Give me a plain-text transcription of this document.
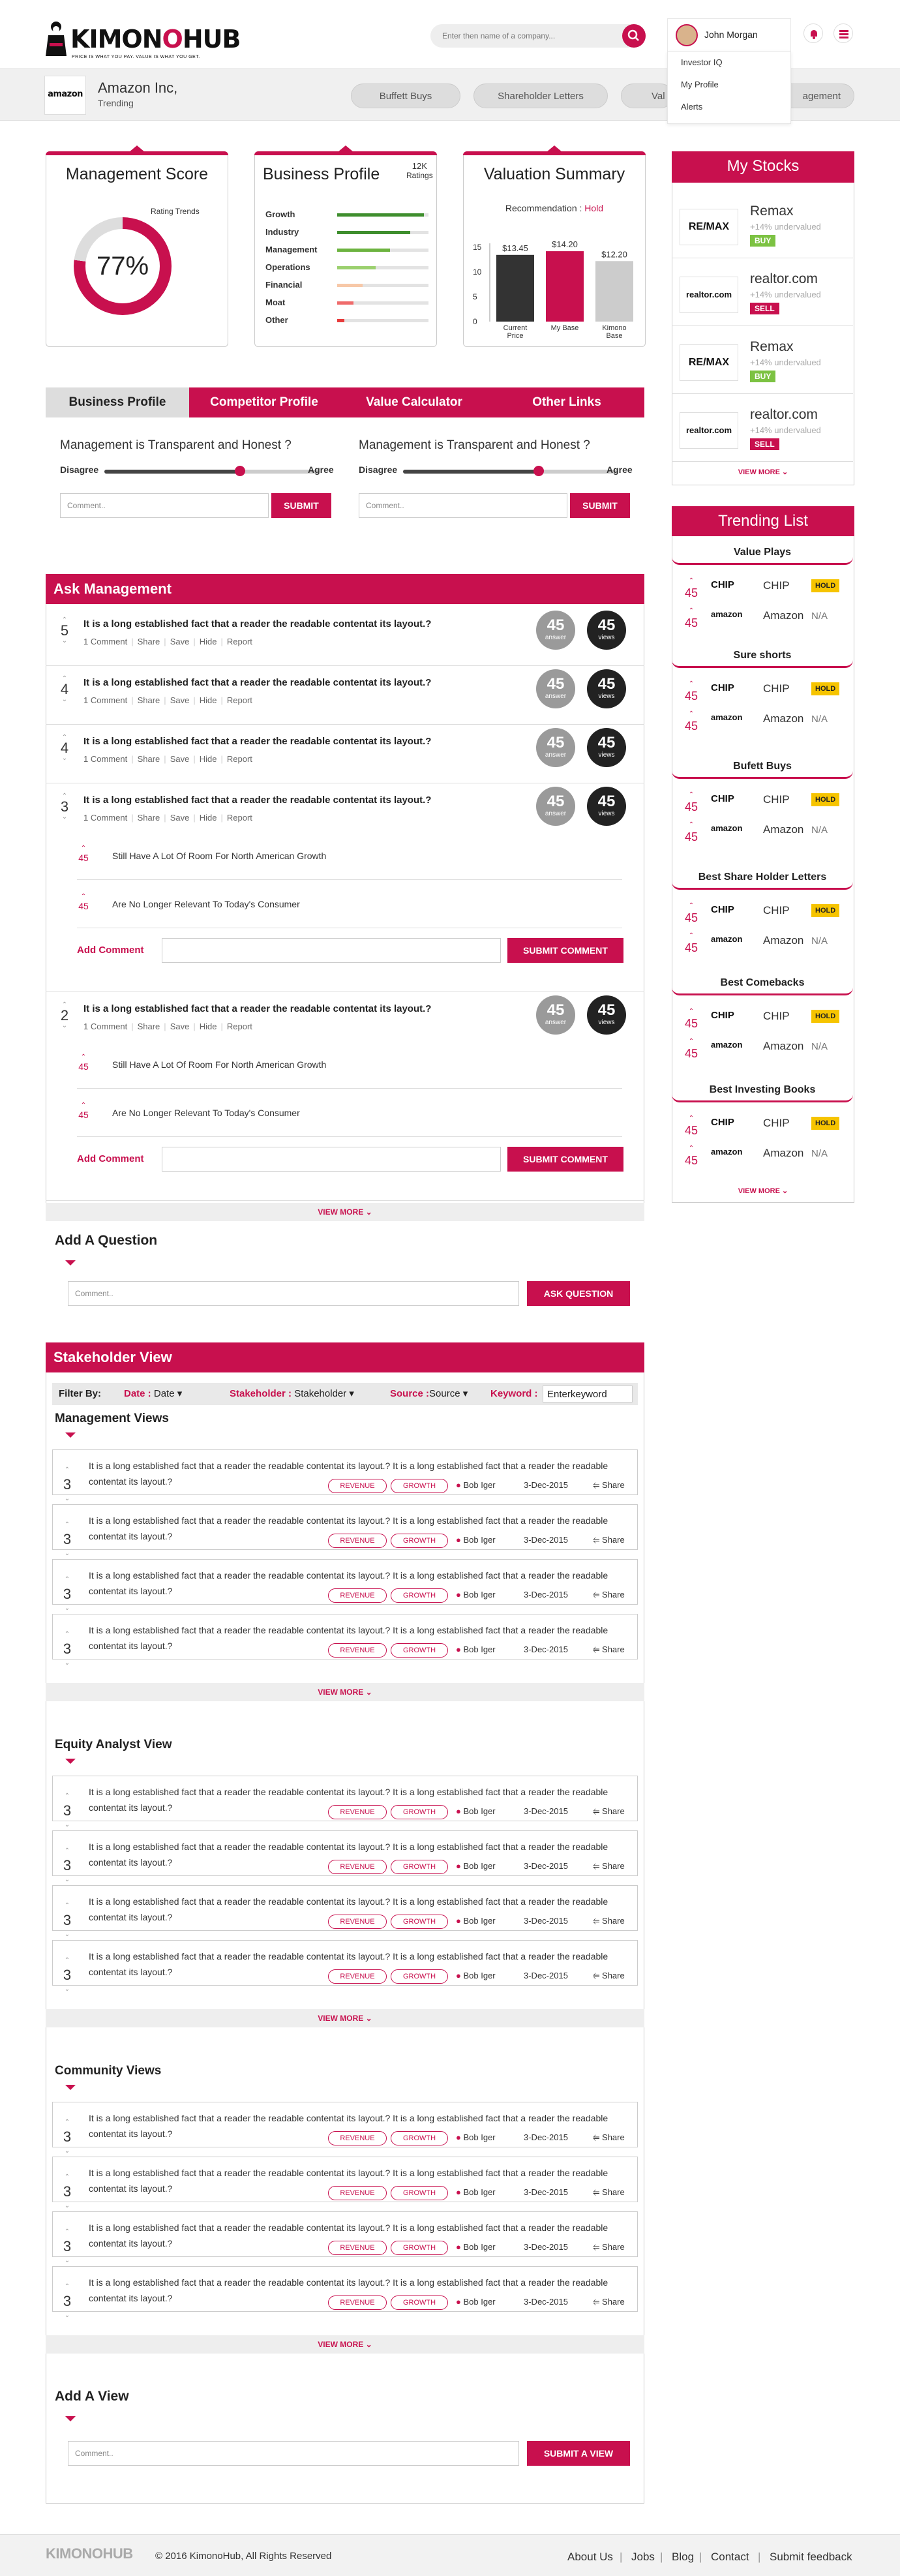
KIMONOHUB
PRICE IS WHAT YOU PAY. VALUE IS WHAT YOU GET.
Enter then name of a company...
John Morgan
Investor IQ
My Profile
Alerts
amazon Amazon Inc,
Trending
Buffett Buys	Shareholder Letters	Val	agement
Management Score
Rating Trends
77%
Business Profile	12K
Ratings
Growth
Industry
Management
Operations
Financial
Moat
Other
Valuation Summary
Recommendation : Hold
15
10
5
0
$13.45
Current
Price
$14.20
My Base
$12.20
Kimono
Base
My Stocks
RE/MAX
Remax
+14% undervalued
BUY
realtor.com
realtor.com
+14% undervalued
SELL
RE/MAX
Remax
+14% undervalued
BUY
realtor.com
realtor.com
+14% undervalued
SELL
VIEW MORE ⌄
Trending List
Value Plays
⌃
45
CHIP	CHIP	HOLD
⌃
45
amazon Amazon N/A
Sure shorts
⌃
45
CHIP	CHIP	HOLD
⌃
45
amazon Amazon N/A
Bufett Buys
⌃
45
CHIP	CHIP	HOLD
⌃
45
amazon Amazon N/A
Best Share Holder Letters
⌃
45
CHIP	CHIP	HOLD
⌃
45
amazon Amazon N/A
Best Comebacks
⌃
45
CHIP	CHIP	HOLD
⌃
45
amazon Amazon N/A
Best Investing Books
⌃
45
CHIP	CHIP	HOLD
⌃
45
amazon Amazon N/A
VIEW MORE ⌄
Business Profile	Competitor Profile	Value Calculator	Other Links
Management is Transparent and Honest ?
Disagree	Agree
Comment..	SUBMIT
Management is Transparent and Honest ?
Disagree	Agree
Comment..	SUBMIT
Ask Management
⌃
5
⌄
It is a long established fact that a reader the readable contentat its layout.?
1 Comment | Share | Save | Hide | Report
45
answer
45
views
⌃
4
⌄
It is a long established fact that a reader the readable contentat its layout.?
1 Comment | Share | Save | Hide | Report
45
answer
45
views
⌃
4
⌄
It is a long established fact that a reader the readable contentat its layout.?
1 Comment | Share | Save | Hide | Report
45
answer
45
views
⌃
3
⌄
It is a long established fact that a reader the readable contentat its layout.?
1 Comment | Share | Save | Hide | Report
45
answer
45
views
⌃
45	Still Have A Lot Of Room For North American Growth
⌃
45	Are No Longer Relevant To Today's Consumer
Add Comment	SUBMIT COMMENT
⌃
2
⌄
It is a long established fact that a reader the readable contentat its layout.?
1 Comment | Share | Save | Hide | Report
45
answer
45
views
⌃
45	Still Have A Lot Of Room For North American Growth
⌃
45	Are No Longer Relevant To Today's Consumer
Add Comment	SUBMIT COMMENT
VIEW MORE ⌄
Add A Question
Comment..	ASK QUESTION
Stakeholder View
Filter By: Date : Date ▾	Stakeholder : Stakeholder ▾	Source :Source ▾ Keyword : Enterkeyword
Management Views
⌃
3
⌄
It is a long established fact that a reader the readable contentat its layout.? It is a long established fact that a reader the readable contentat its layout.?	REVENUE	GROWTH	● Bob Iger	3-Dec-2015	⥢ Share
⌃
3
⌄
It is a long established fact that a reader the readable contentat its layout.? It is a long established fact that a reader the readable contentat its layout.?	REVENUE	GROWTH	● Bob Iger	3-Dec-2015	⥢ Share
⌃
3
⌄
It is a long established fact that a reader the readable contentat its layout.? It is a long established fact that a reader the readable contentat its layout.?	REVENUE	GROWTH	● Bob Iger	3-Dec-2015	⥢ Share
⌃
3
⌄
It is a long established fact that a reader the readable contentat its layout.? It is a long established fact that a reader the readable contentat its layout.?	REVENUE	GROWTH	● Bob Iger	3-Dec-2015	⥢ Share
VIEW MORE ⌄
Equity Analyst View
⌃
3
⌄
It is a long established fact that a reader the readable contentat its layout.? It is a long established fact that a reader the readable contentat its layout.?	REVENUE	GROWTH	● Bob Iger	3-Dec-2015	⥢ Share
⌃
3
⌄
It is a long established fact that a reader the readable contentat its layout.? It is a long established fact that a reader the readable contentat its layout.?	REVENUE	GROWTH	● Bob Iger	3-Dec-2015	⥢ Share
⌃
3
⌄
It is a long established fact that a reader the readable contentat its layout.? It is a long established fact that a reader the readable contentat its layout.?	REVENUE	GROWTH	● Bob Iger	3-Dec-2015	⥢ Share
⌃
3
⌄
It is a long established fact that a reader the readable contentat its layout.? It is a long established fact that a reader the readable contentat its layout.?	REVENUE	GROWTH	● Bob Iger	3-Dec-2015	⥢ Share
VIEW MORE ⌄
Community Views
⌃
3
⌄
It is a long established fact that a reader the readable contentat its layout.? It is a long established fact that a reader the readable contentat its layout.?	REVENUE	GROWTH	● Bob Iger	3-Dec-2015	⥢ Share
⌃
3
⌄
It is a long established fact that a reader the readable contentat its layout.? It is a long established fact that a reader the readable contentat its layout.?	REVENUE	GROWTH	● Bob Iger	3-Dec-2015	⥢ Share
⌃
3
⌄
It is a long established fact that a reader the readable contentat its layout.? It is a long established fact that a reader the readable contentat its layout.?	REVENUE	GROWTH	● Bob Iger	3-Dec-2015	⥢ Share
⌃
3
⌄
It is a long established fact that a reader the readable contentat its layout.? It is a long established fact that a reader the readable contentat its layout.?	REVENUE	GROWTH	● Bob Iger	3-Dec-2015	⥢ Share
VIEW MORE ⌄
Add A View
Comment..	SUBMIT A VIEW
KIMONOHUB © 2016 KimonoHub, All Rights Reserved	About Us | Jobs | Blog | Contact | Submit feedback
